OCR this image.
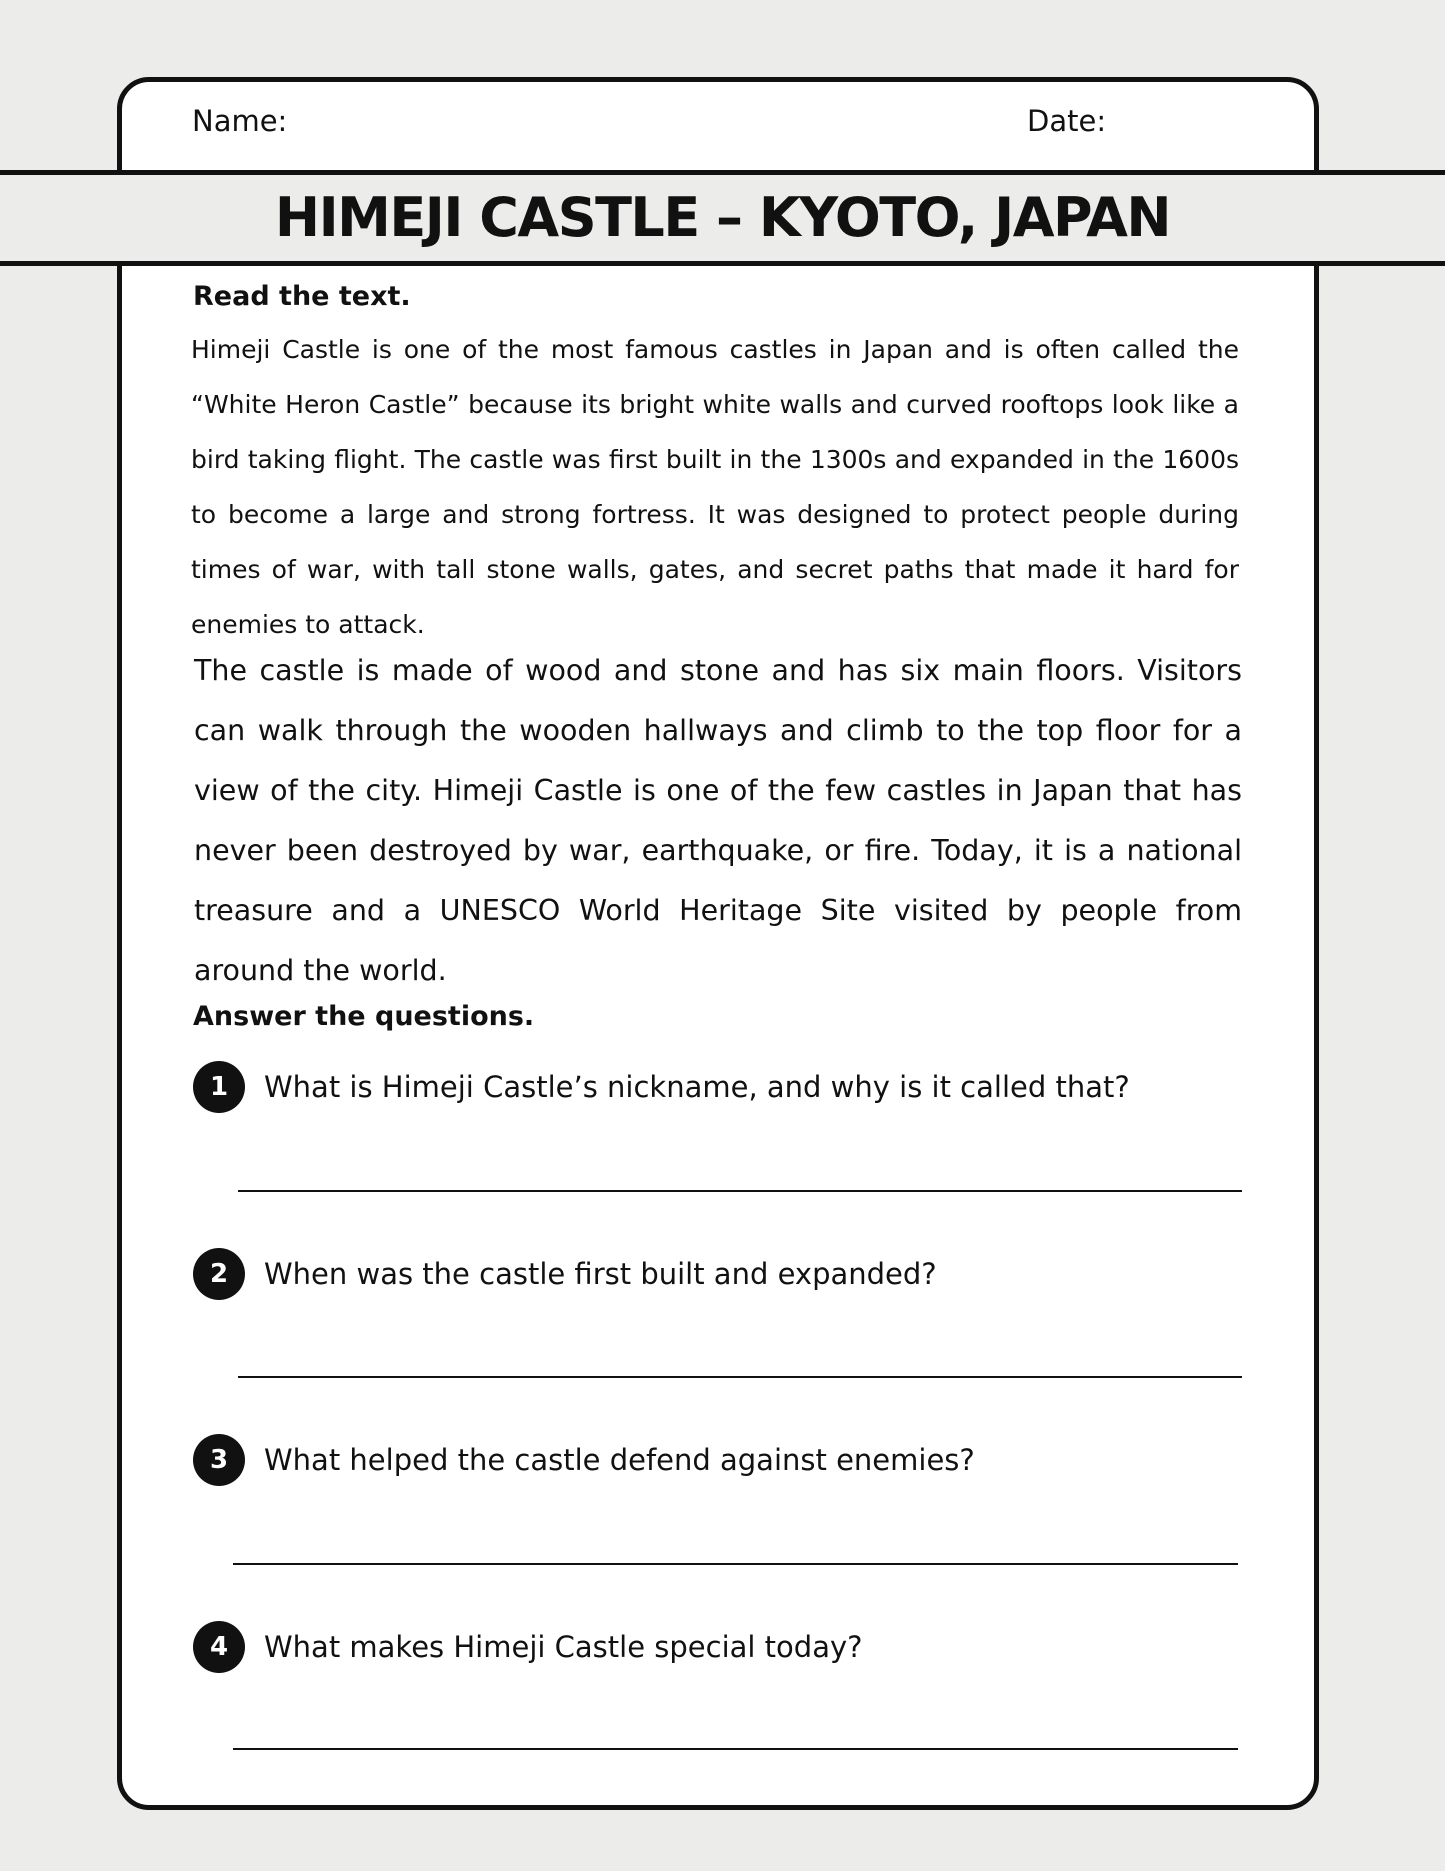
Name:	Date:
HIMEJI CASTLE – KYOTO, JAPAN
Read the text.

Himeji Castle is one of the most famous castles in Japan and is often called the “White Heron Castle” because its bright white walls and curved rooftops look like a bird taking flight. The castle was first built in the 1300s and expanded in the 1600s to become a large and strong fortress. It was designed to protect people during times of war, with tall stone walls, gates, and secret paths that made it hard for enemies to attack.

The castle is made of wood and stone and has six main floors. Visitors can walk through the wooden hallways and climb to the top floor for a view of the city. Himeji Castle is one of the few castles in Japan that has never been destroyed by war, earthquake, or fire. Today, it is a national treasure and a UNESCO World Heritage Site visited by people from around the world.

Answer the questions.
1	What is Himeji Castle’s nickname, and why is it called that?
2	When was the castle first built and expanded?
3	What helped the castle defend against enemies?
4	What makes Himeji Castle special today?
